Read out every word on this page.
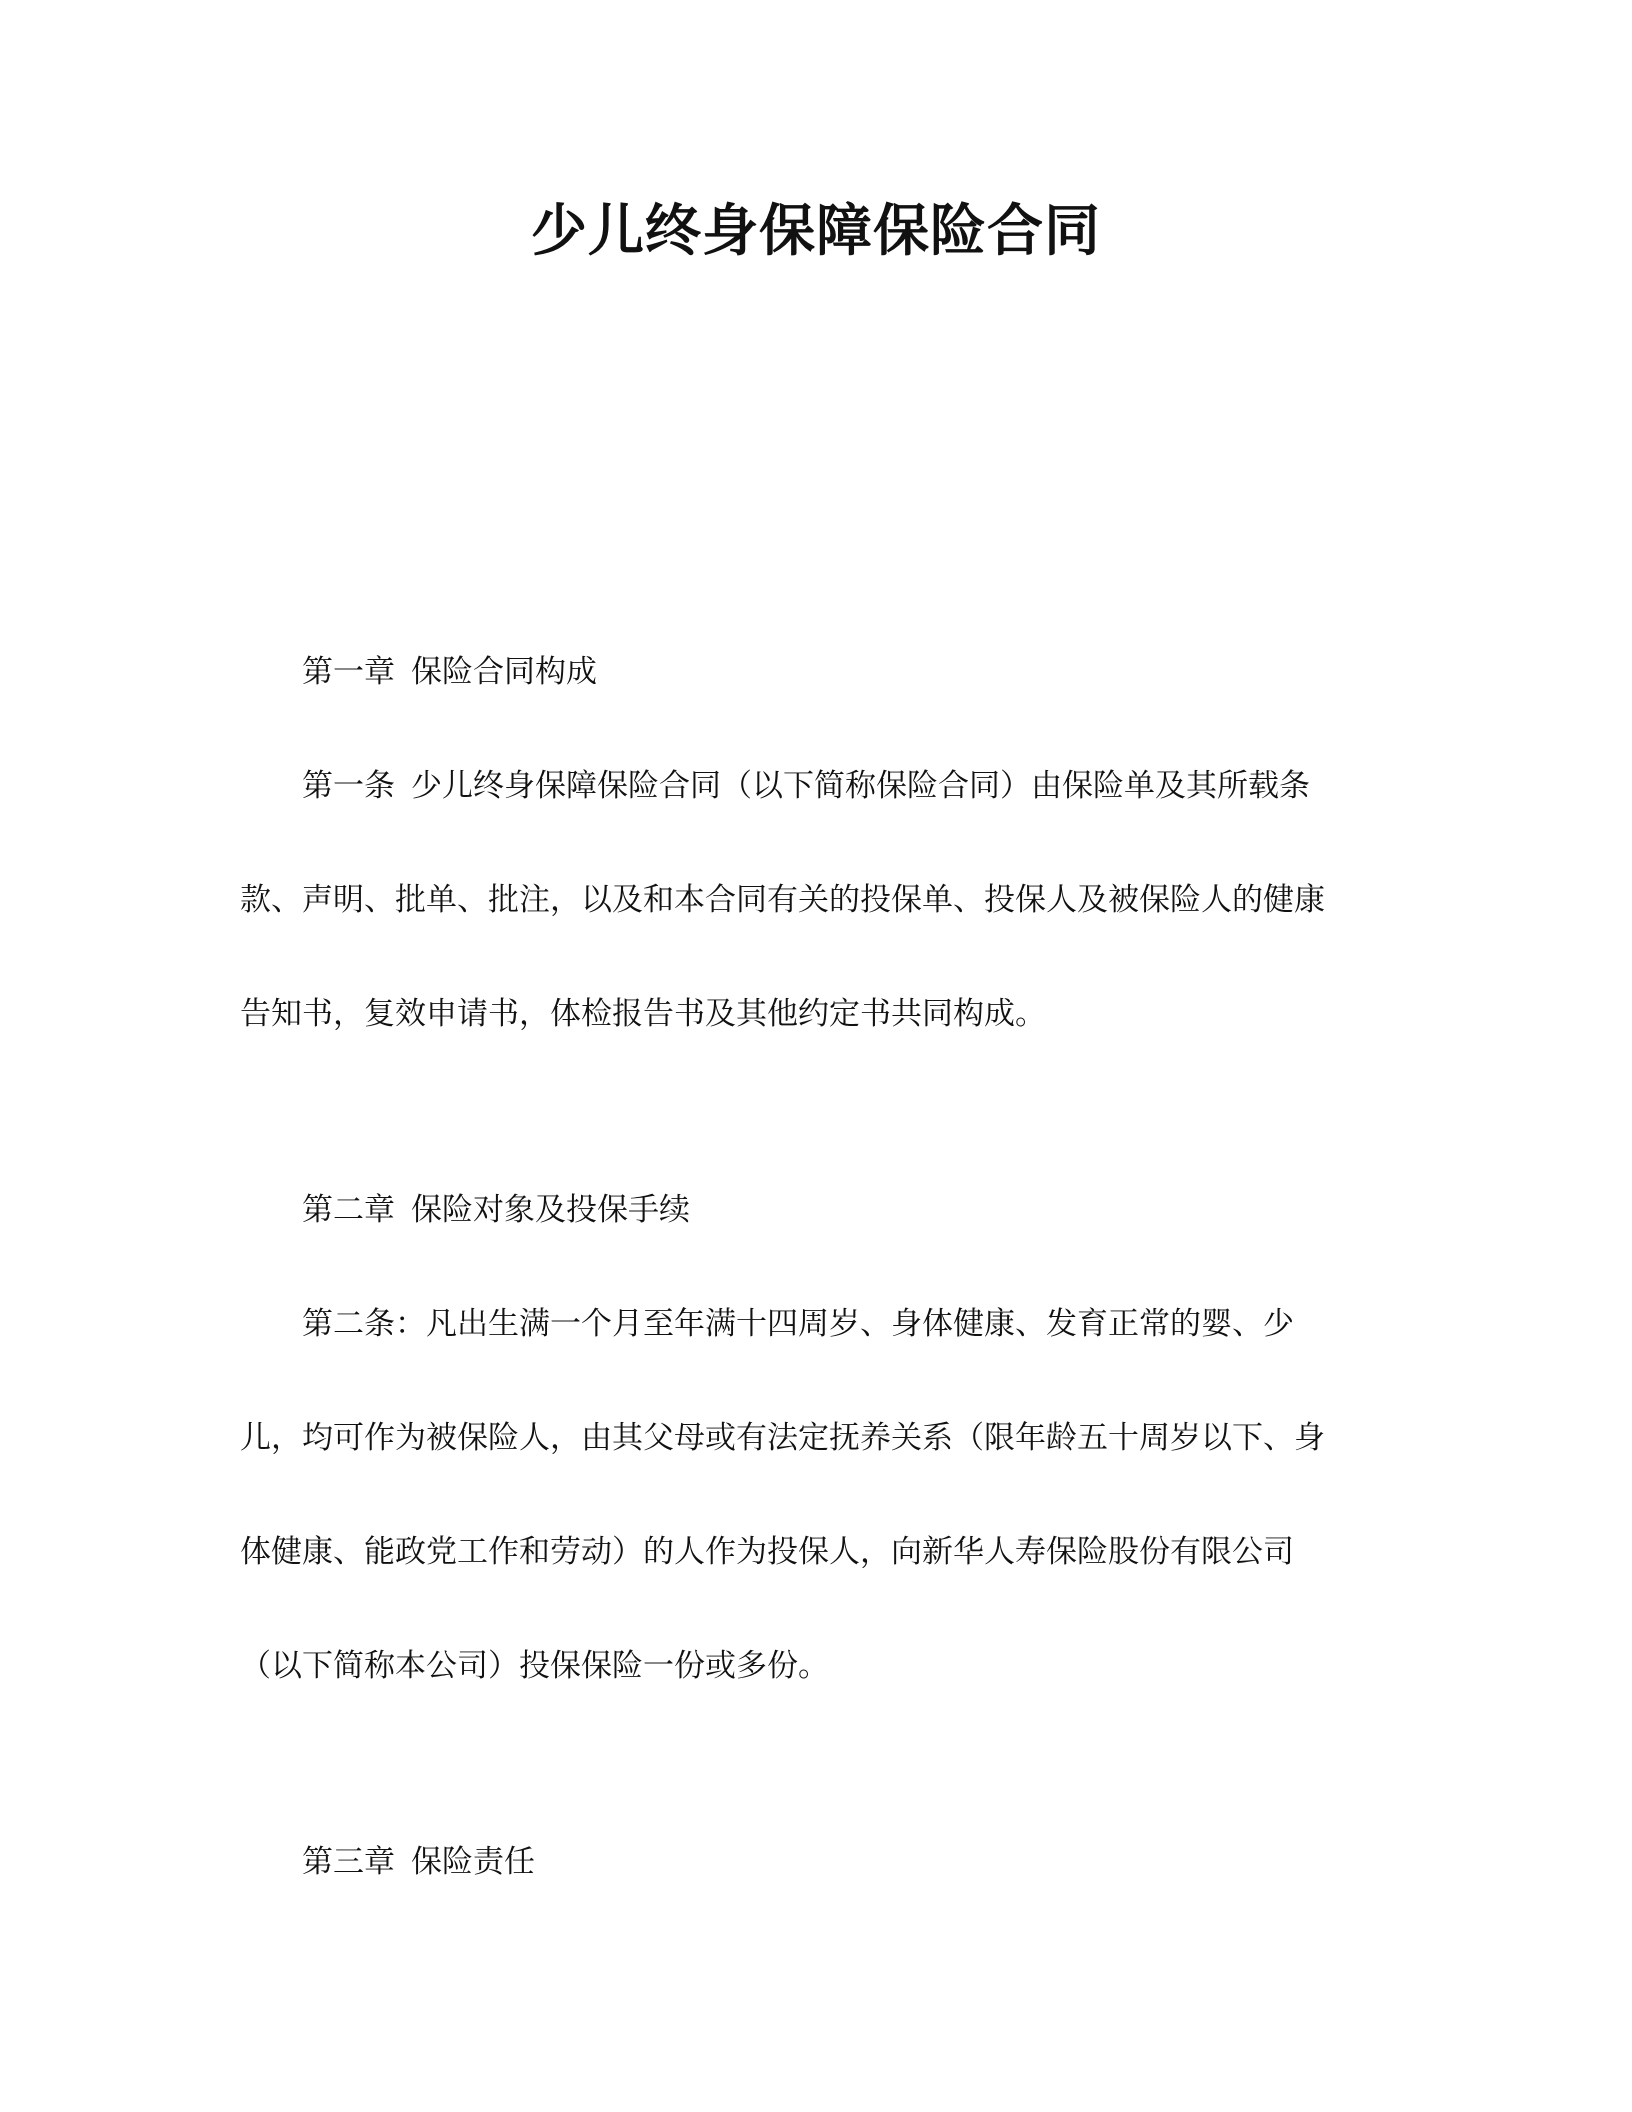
少儿终身保障保险合同

第一章 保险合同构成

第一条 少儿终身保障保险合同（以下简称保险合同）由保险单及其所载条

款、声明、批单、批注，以及和本合同有关的投保单、投保人及被保险人的健康

告知书，复效申请书，体检报告书及其他约定书共同构成。

第二章 保险对象及投保手续

第二条：凡出生满一个月至年满十四周岁、身体健康、发育正常的婴、少

儿，均可作为被保险人，由其父母或有法定抚养关系（限年龄五十周岁以下、身

体健康、能政党工作和劳动）的人作为投保人，向新华人寿保险股份有限公司

（以下简称本公司）投保保险一份或多份。

第三章 保险责任
